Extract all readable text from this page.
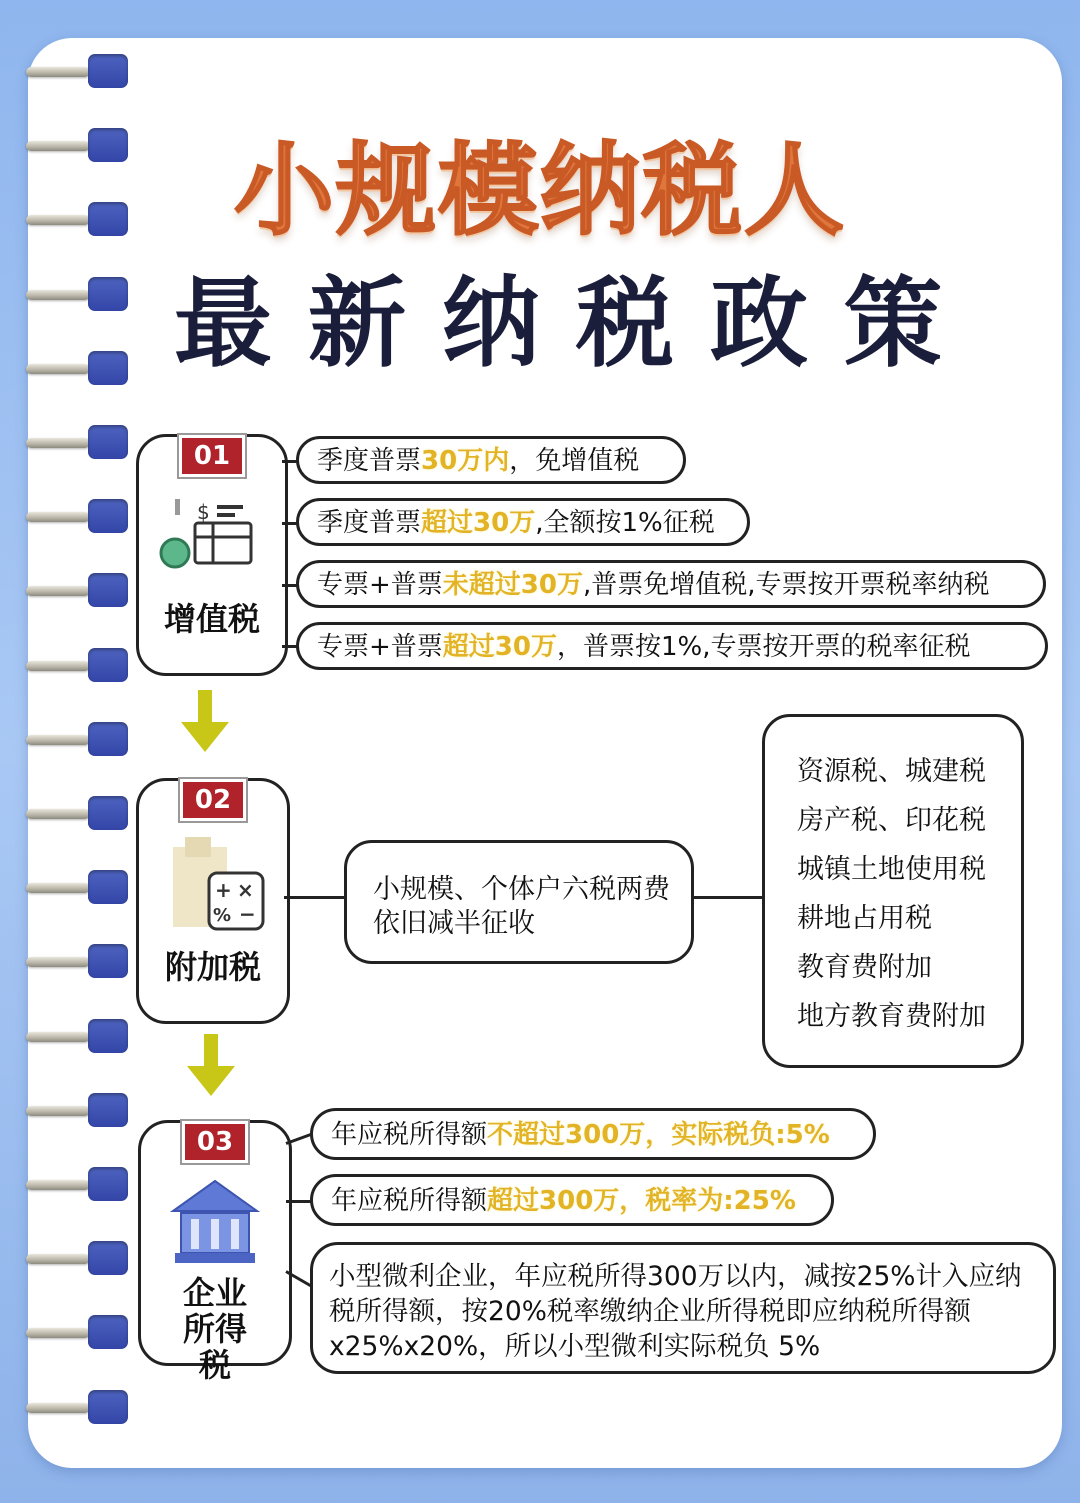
小规模纳税人
最新纳税政策
01
$
增值税
季度普票30万内，免增值税
季度普票超过30万,全额按1%征税
专票+普票未超过30万,普票免增值税,专票按开票税率纳税
专票+普票超过30万，普票按1%,专票按开票的税率征税
02
+ ×
% −
附加税
小规模、个体户六税两费依旧减半征收
资源税、城建税
房产税、印花税
城镇土地使用税
耕地占用税
教育费附加
地方教育费附加
03
企业所得税
年应税所得额不超过300万，实际税负:5%
年应税所得额超过300万，税率为:25%
小型微利企业，年应税所得300万以内，减按25%计入应纳税所得额，按20%税率缴纳企业所得税即应纳税所得额x25%x20%，所以小型微利实际税负 5%
